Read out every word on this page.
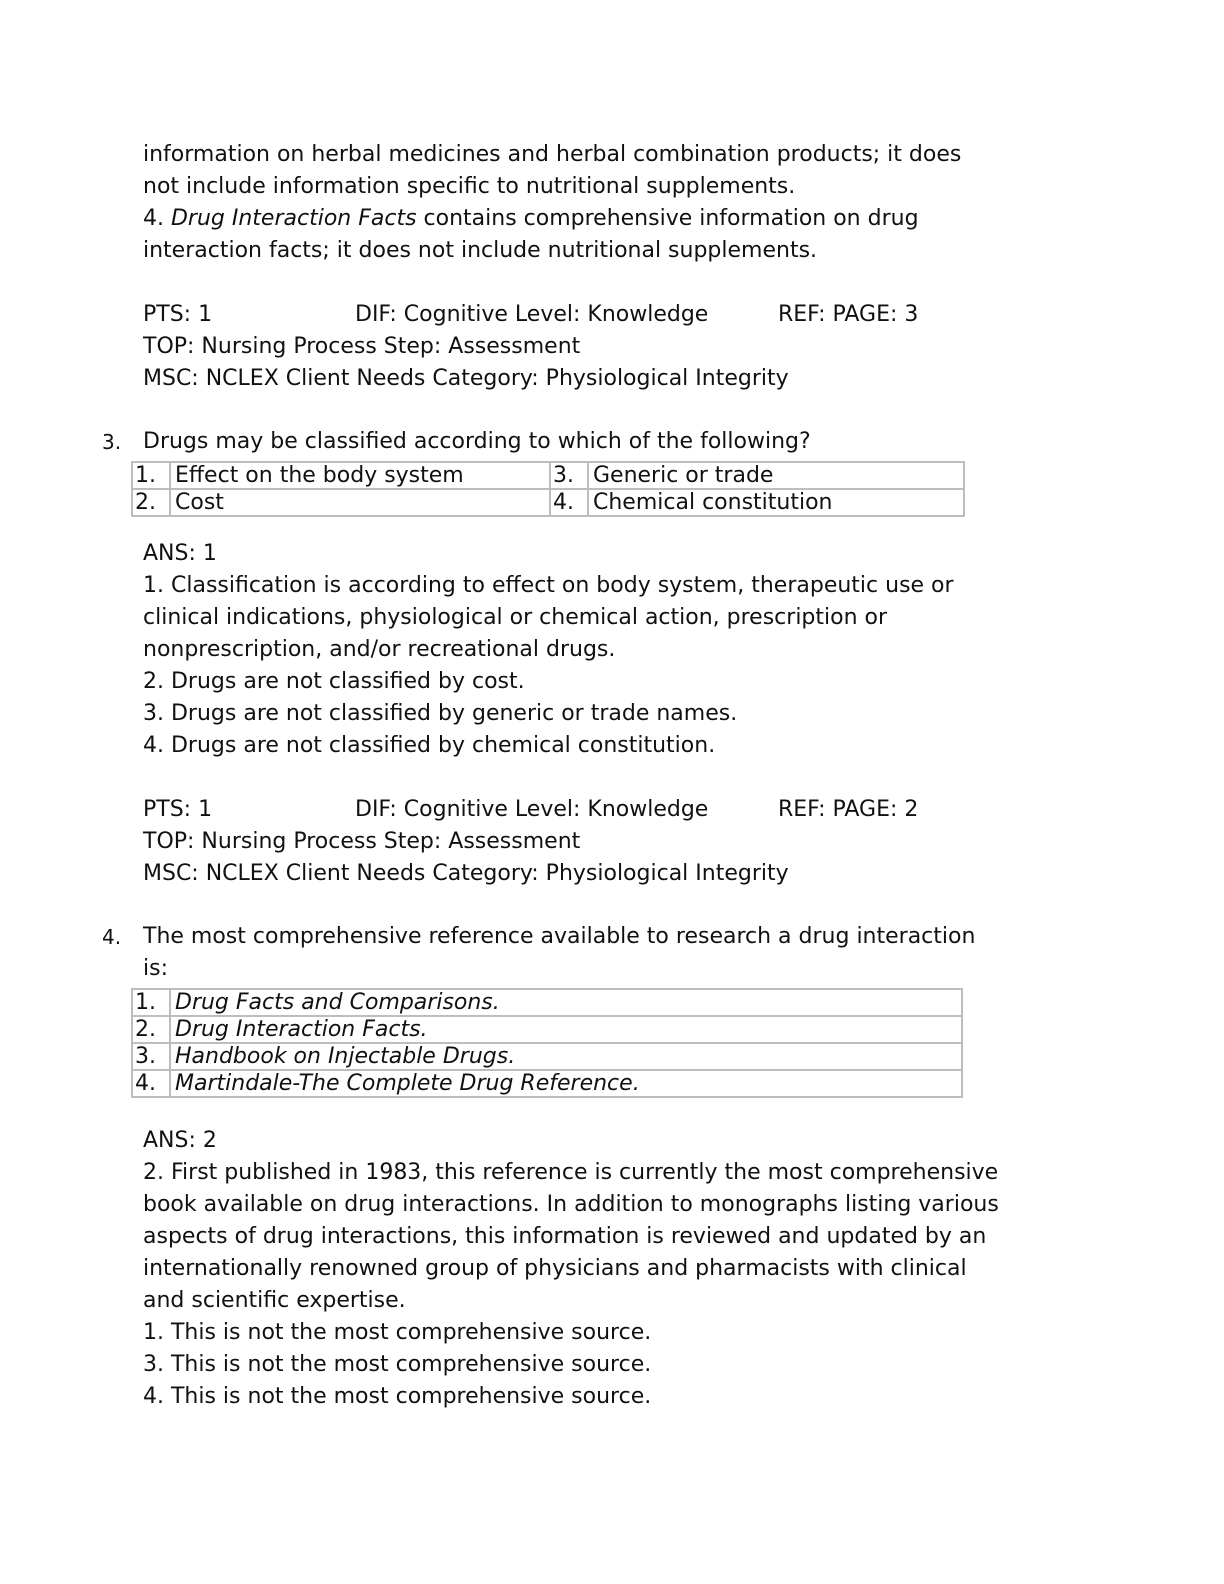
information on herbal medicines and herbal combination products; it does
not include information specific to nutritional supplements.
4. Drug Interaction Facts contains comprehensive information on drug
interaction facts; it does not include nutritional supplements.
PTS: 1	DIF: Cognitive Level: Knowledge	REF: PAGE: 3
TOP: Nursing Process Step: Assessment
MSC: NCLEX Client Needs Category: Physiological Integrity
3. Drugs may be classified according to which of the following?
1.	Effect on the body system	3.	Generic or trade
2.	Cost	4.	Chemical constitution
ANS: 1
1. Classification is according to effect on body system, therapeutic use or
clinical indications, physiological or chemical action, prescription or
nonprescription, and/or recreational drugs.
2. Drugs are not classified by cost.
3. Drugs are not classified by generic or trade names.
4. Drugs are not classified by chemical constitution.
PTS: 1	DIF: Cognitive Level: Knowledge	REF: PAGE: 2
TOP: Nursing Process Step: Assessment
MSC: NCLEX Client Needs Category: Physiological Integrity
4. The most comprehensive reference available to research a drug interaction
is:
1.	Drug Facts and Comparisons.
2.	Drug Interaction Facts.
3.	Handbook on Injectable Drugs.
4.	Martindale-The Complete Drug Reference.
ANS: 2
2. First published in 1983, this reference is currently the most comprehensive
book available on drug interactions. In addition to monographs listing various
aspects of drug interactions, this information is reviewed and updated by an
internationally renowned group of physicians and pharmacists with clinical
and scientific expertise.
1. This is not the most comprehensive source.
3. This is not the most comprehensive source.
4. This is not the most comprehensive source.
